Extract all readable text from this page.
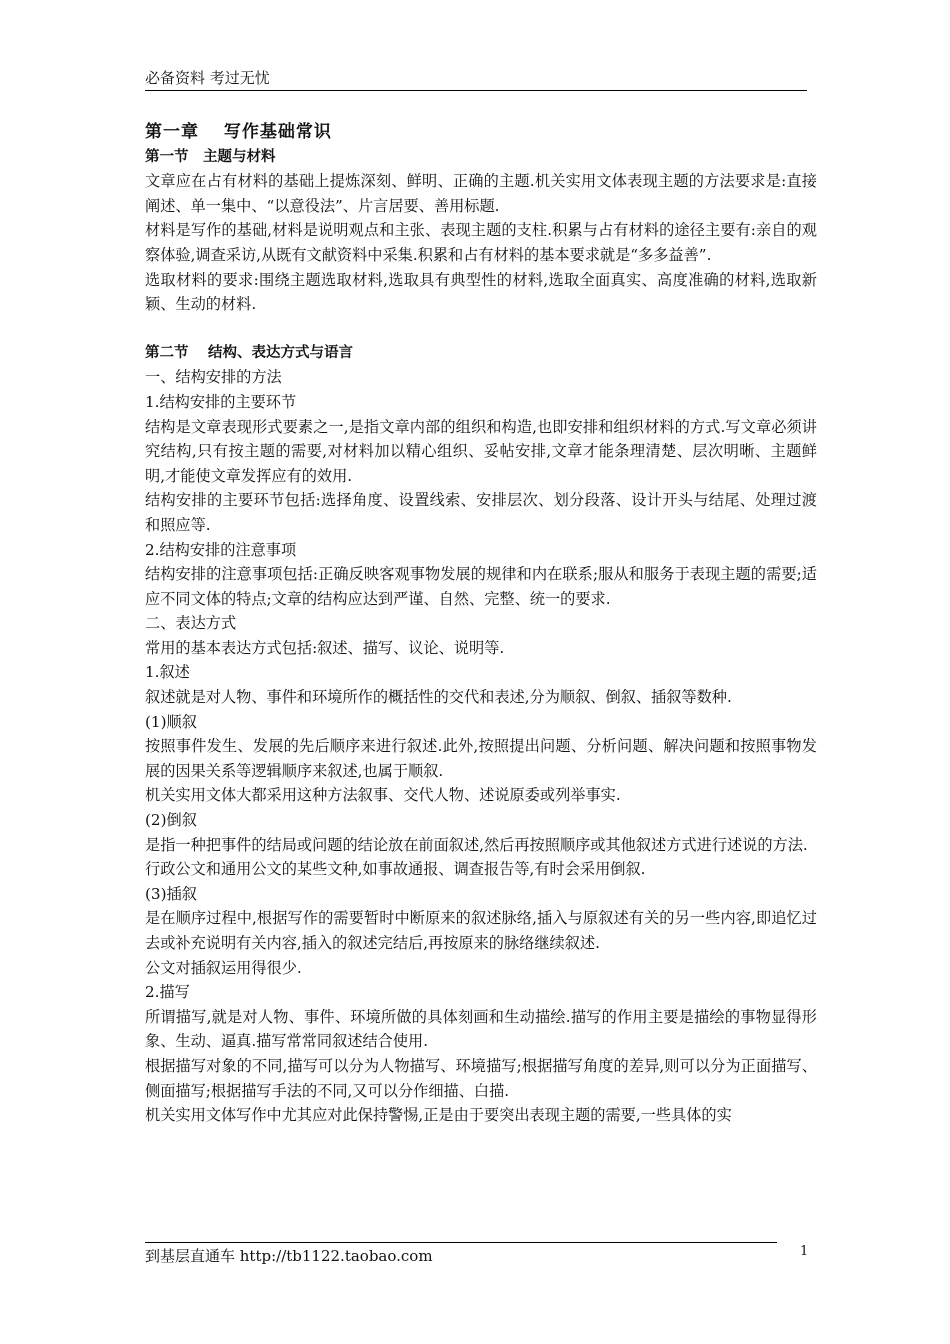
必备资料 考过无忧

第一章　 写作基础常识

第一节　主题与材料

文章应在占有材料的基础上提炼深刻、鲜明、正确的主题.机关实用文体表现主题的方法要求是:直接阐述、单一集中、“以意役法”、片言居要、善用标题.

材料是写作的基础,材料是说明观点和主张、表现主题的支柱.积累与占有材料的途径主要有:亲自的观察体验,调查采访,从既有文献资料中采集.积累和占有材料的基本要求就是“多多益善”.

选取材料的要求:围绕主题选取材料,选取具有典型性的材料,选取全面真实、高度准确的材料,选取新颖、生动的材料.

第二节　 结构、表达方式与语言

一、结构安排的方法

1.结构安排的主要环节

结构是文章表现形式要素之一,是指文章内部的组织和构造,也即安排和组织材料的方式.写文章必须讲究结构,只有按主题的需要,对材料加以精心组织、妥帖安排,文章才能条理清楚、层次明晰、主题鲜明,才能使文章发挥应有的效用.

结构安排的主要环节包括:选择角度、设置线索、安排层次、划分段落、设计开头与结尾、处理过渡和照应等.

2.结构安排的注意事项

结构安排的注意事项包括:正确反映客观事物发展的规律和内在联系;服从和服务于表现主题的需要;适应不同文体的特点;文章的结构应达到严谨、自然、完整、统一的要求.

二、表达方式

常用的基本表达方式包括:叙述、描写、议论、说明等.

1.叙述

叙述就是对人物、事件和环境所作的概括性的交代和表述,分为顺叙、倒叙、插叙等数种.

(1)顺叙

按照事件发生、发展的先后顺序来进行叙述.此外,按照提出问题、分析问题、解决问题和按照事物发展的因果关系等逻辑顺序来叙述,也属于顺叙.

机关实用文体大都采用这种方法叙事、交代人物、述说原委或列举事实.

(2)倒叙

是指一种把事件的结局或问题的结论放在前面叙述,然后再按照顺序或其他叙述方式进行述说的方法.

行政公文和通用公文的某些文种,如事故通报、调查报告等,有时会采用倒叙.

(3)插叙

是在顺序过程中,根据写作的需要暂时中断原来的叙述脉络,插入与原叙述有关的另一些内容,即追忆过去或补充说明有关内容,插入的叙述完结后,再按原来的脉络继续叙述.

公文对插叙运用得很少.

2.描写

所谓描写,就是对人物、事件、环境所做的具体刻画和生动描绘.描写的作用主要是描绘的事物显得形象、生动、逼真.描写常常同叙述结合使用.

根据描写对象的不同,描写可以分为人物描写、环境描写;根据描写角度的差异,则可以分为正面描写、侧面描写;根据描写手法的不同,又可以分作细描、白描.

机关实用文体写作中尤其应对此保持警惕,正是由于要突出表现主题的需要,一些具体的实

到基层直通车 http://tb1122.taobao.com	1
